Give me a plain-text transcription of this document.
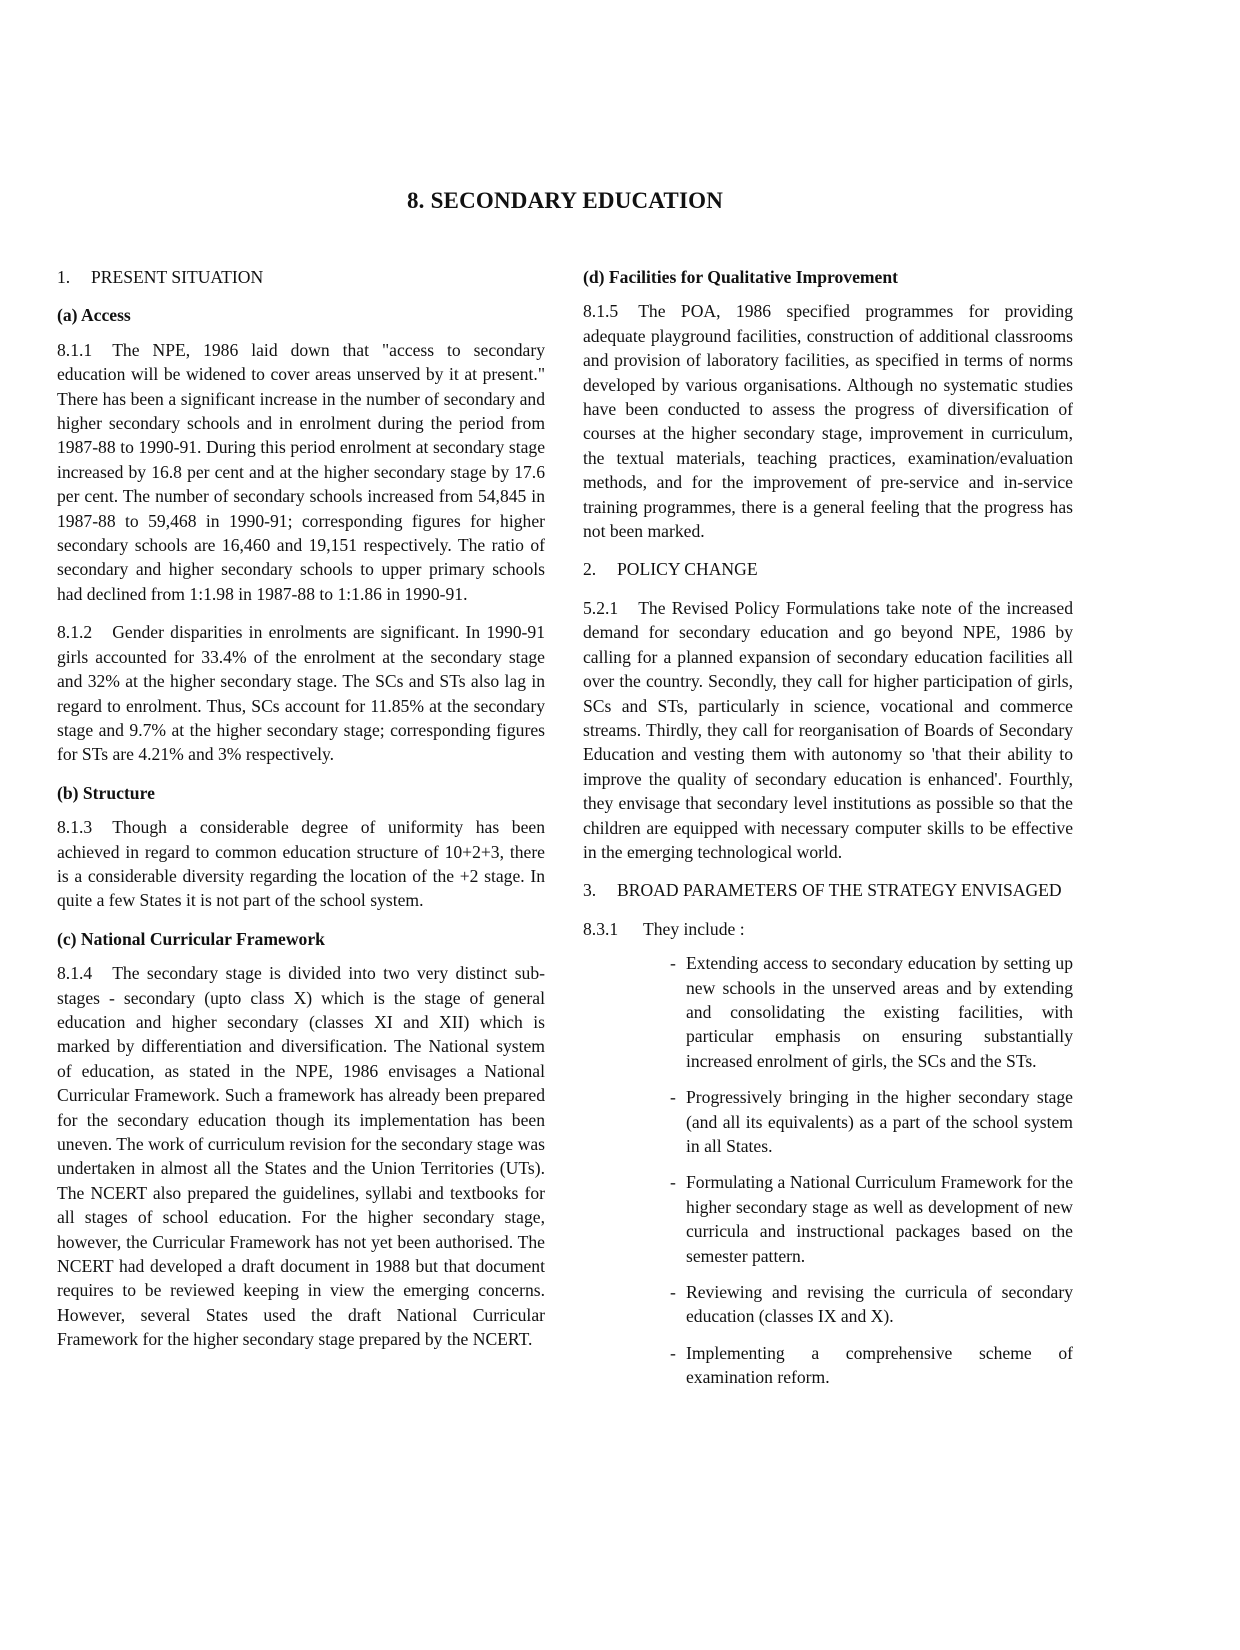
8. SECONDARY EDUCATION
1. PRESENT SITUATION
(a) Access

8.1.1 The NPE, 1986 laid down that "access to secondary education will be widened to cover areas unserved by it at present." There has been a significant increase in the number of secondary and higher secondary schools and in enrolment during the period from 1987-88 to 1990-91. During this period enrolment at secondary stage increased by 16.8 per cent and at the higher secondary stage by 17.6 per cent. The number of secondary schools increased from 54,845 in 1987-88 to 59,468 in 1990-91; corresponding figures for higher secondary schools are 16,460 and 19,151 respectively. The ratio of secondary and higher secondary schools to upper primary schools had declined from 1:1.98 in 1987-88 to 1:1.86 in 1990-91.

8.1.2 Gender disparities in enrolments are significant. In 1990-91 girls accounted for 33.4% of the enrolment at the secondary stage and 32% at the higher secondary stage. The SCs and STs also lag in regard to enrolment. Thus, SCs account for 11.85% at the secondary stage and 9.7% at the higher secondary stage; corresponding figures for STs are 4.21% and 3% respectively.

(b) Structure

8.1.3 Though a considerable degree of uniformity has been achieved in regard to common education structure of 10+2+3, there is a considerable diversity regarding the location of the +2 stage. In quite a few States it is not part of the school system.

(c) National Curricular Framework

8.1.4 The secondary stage is divided into two very distinct sub-stages - secondary (upto class X) which is the stage of general education and higher secondary (classes XI and XII) which is marked by differentiation and diversification. The National system of education, as stated in the NPE, 1986 envisages a National Curricular Framework. Such a framework has already been prepared for the secondary education though its implementation has been uneven. The work of curriculum revision for the secondary stage was undertaken in almost all the States and the Union Territories (UTs). The NCERT also prepared the guidelines, syllabi and textbooks for all stages of school education. For the higher secondary stage, however, the Curricular Framework has not yet been authorised. The NCERT had developed a draft document in 1988 but that document requires to be reviewed keeping in view the emerging concerns. However, several States used the draft National Curricular Framework for the higher secondary stage prepared by the NCERT.

(d) Facilities for Qualitative Improvement

8.1.5 The POA, 1986 specified programmes for providing adequate playground facilities, construction of additional classrooms and provision of laboratory facilities, as specified in terms of norms developed by various organisations. Although no systematic studies have been conducted to assess the progress of diversification of courses at the higher secondary stage, improvement in curriculum, the textual materials, teaching practices, examination/evaluation methods, and for the improvement of pre-service and in-service training programmes, there is a general feeling that the progress has not been marked.

2. POLICY CHANGE

5.2.1 The Revised Policy Formulations take note of the increased demand for secondary education and go beyond NPE, 1986 by calling for a planned expansion of secondary education facilities all over the country. Secondly, they call for higher participation of girls, SCs and STs, particularly in science, vocational and commerce streams. Thirdly, they call for reorganisation of Boards of Secondary Education and vesting them with autonomy so 'that their ability to improve the quality of secondary education is enhanced'. Fourthly, they envisage that secondary level institutions as possible so that the children are equipped with necessary computer skills to be effective in the emerging technological world.

3.	BROAD PARAMETERS OF THE STRATEGY ENVISAGED
8.3.1	They include :
- Extending access to secondary education by setting up new schools in the unserved areas and by extending and consolidating the existing facilities, with particular emphasis on ensuring substantially increased enrolment of girls, the SCs and the STs.
- Progressively bringing in the higher secondary stage (and all its equivalents) as a part of the school system in all States.
- Formulating a National Curriculum Framework for the higher secondary stage as well as development of new curricula and instructional packages based on the semester pattern.
- Reviewing and revising the curricula of secondary education (classes IX and X).
- Implementing a comprehensive scheme of examination reform.
